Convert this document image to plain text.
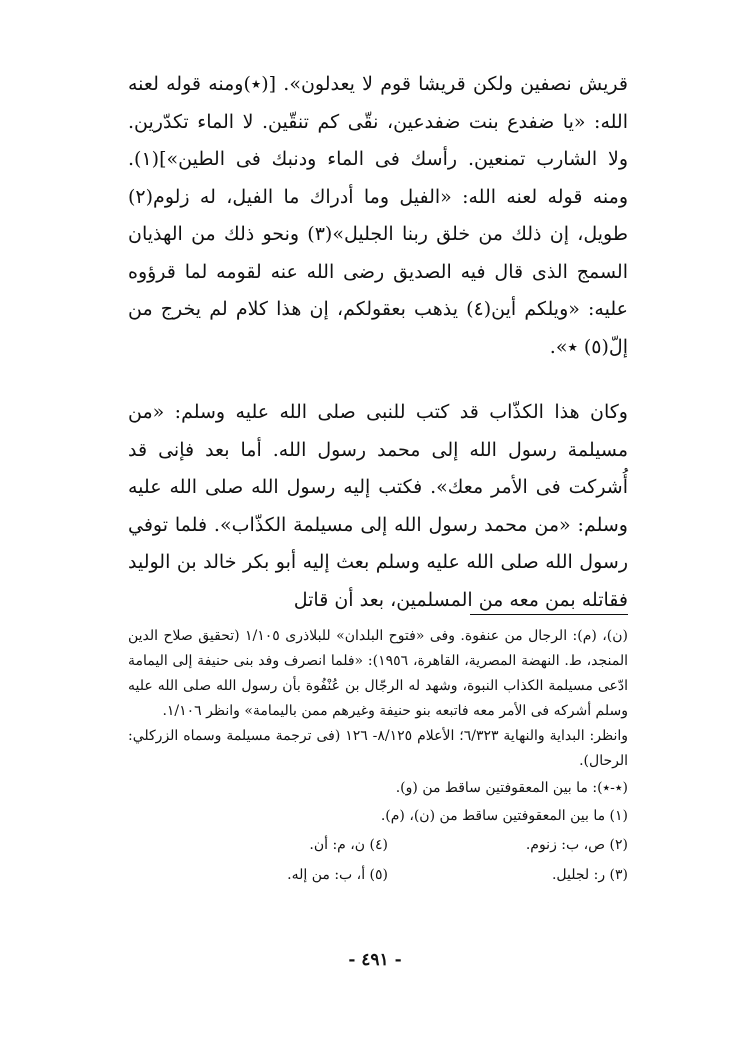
قريش نصفين ولكن قريشا قوم لا يعدلون». [(٭)ومنه قوله لعنه الله: «يا ضفدع بنت ضفدعين، نقّى كم تنقّين. لا الماء تكدّرين. ولا الشارب تمنعين. رأسك فى الماء ودنبك فى الطين»](١). ومنه قوله لعنه الله: «الفيل وما أدراك ما الفيل، له زلوم(٢) طويل، إن ذلك من خلق ربنا الجليل»(٣) ونحو ذلك من الهذيان السمج الذى قال فيه الصديق رضى الله عنه لقومه لما قرؤوه عليه: «ويلكم أين(٤) يذهب بعقولكم، إن هذا كلام لم يخرج من إلّ(٥) ٭».

وكان هذا الكذّاب قد كتب للنبى صلى الله عليه وسلم: «من مسيلمة رسول الله إلى محمد رسول الله. أما بعد فإنى قد أُشركت فى الأمر معك». فكتب إليه رسول الله صلى الله عليه وسلم: «من محمد رسول الله إلى مسيلمة الكذّاب». فلما توفي رسول الله صلى الله عليه وسلم بعث إليه أبو بكر خالد بن الوليد فقاتله بمن معه من المسلمين، بعد أن قاتل

(ن)، (م): الرجال من عنفوة. وفى «فتوح البلدان» للبلاذرى ١/١٠٥ (تحقيق صلاح الدين المنجد، ط. النهضة المصرية، القاهرة، ١٩٥٦): «فلما انصرف وفد بنى حنيفة إلى اليمامة ادّعى مسيلمة الكذاب النبوة، وشهد له الرجّال بن عُنْفُوة بأن رسول الله صلى الله عليه وسلم أشركه فى الأمر معه فاتبعه بنو حنيفة وغيرهم ممن باليمامة» وانظر ١/١٠٦.

وانظر: البداية والنهاية ٦/٣٢٣؛ الأعلام ٨/١٢٥- ١٢٦ (فى ترجمة مسيلمة وسماه الزركلي: الرحال).

(٭-٭): ما بين المعقوفتين ساقط من (و).

(١) ما بين المعقوفتين ساقط من (ن)، (م).

(٢) ص، ب: زنوم.
(٤) ن، م: أن.
(٣) ر: لجليل.
(٥) أ، ب: من إله.
- ٤٩١ -
